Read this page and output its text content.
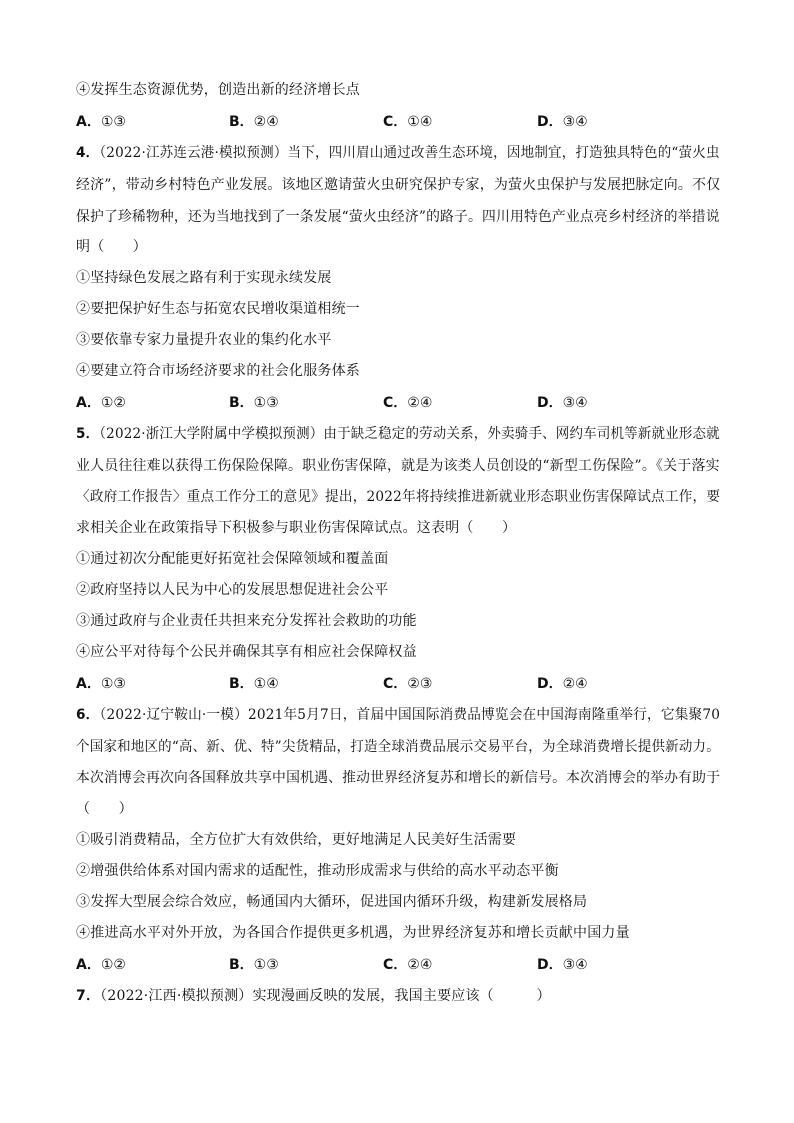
④发挥生态资源优势，创造出新的经济增长点
A．①③	B．②④	C．①④	D．③④
4．（2022·江苏连云港·模拟预测）当下，四川眉山通过改善生态环境，因地制宜，打造独具特色的“萤火虫
经济”，带动乡村特色产业发展。该地区邀请萤火虫研究保护专家，为萤火虫保护与发展把脉定向。不仅
保护了珍稀物种，还为当地找到了一条发展“萤火虫经济”的路子。四川用特色产业点亮乡村经济的举措说
明（　　）
①坚持绿色发展之路有利于实现永续发展
②要把保护好生态与拓宽农民增收渠道相统一
③要依靠专家力量提升农业的集约化水平
④要建立符合市场经济要求的社会化服务体系
A．①②	B．①③	C．②④	D．③④
5．（2022·浙江大学附属中学模拟预测）由于缺乏稳定的劳动关系，外卖骑手、网约车司机等新就业形态就
业人员往往难以获得工伤保险保障。职业伤害保障，就是为该类人员创设的“新型工伤保险”。《关于落实
〈政府工作报告〉重点工作分工的意见》提出，2022年将持续推进新就业形态职业伤害保障试点工作，要
求相关企业在政策指导下积极参与职业伤害保障试点。这表明（　　）
①通过初次分配能更好拓宽社会保障领域和覆盖面
②政府坚持以人民为中心的发展思想促进社会公平
③通过政府与企业责任共担来充分发挥社会救助的功能
④应公平对待每个公民并确保其享有相应社会保障权益
A．①③	B．①④	C．②③	D．②④
6．（2022·辽宁鞍山·一模）2021年5月7日，首届中国国际消费品博览会在中国海南隆重举行，它集聚70
个国家和地区的“高、新、优、特”尖货精品，打造全球消费品展示交易平台，为全球消费增长提供新动力。
本次消博会再次向各国释放共享中国机遇、推动世界经济复苏和增长的新信号。本次消博会的举办有助于
（　　）
①吸引消费精品，全方位扩大有效供给，更好地满足人民美好生活需要
②增强供给体系对国内需求的适配性，推动形成需求与供给的高水平动态平衡
③发挥大型展会综合效应，畅通国内大循环，促进国内循环升级，构建新发展格局
④推进高水平对外开放，为各国合作提供更多机遇，为世界经济复苏和增长贡献中国力量
A．①②	B．①③	C．②④	D．③④
7．（2022·江西·模拟预测）实现漫画反映的发展，我国主要应该（　　　）
